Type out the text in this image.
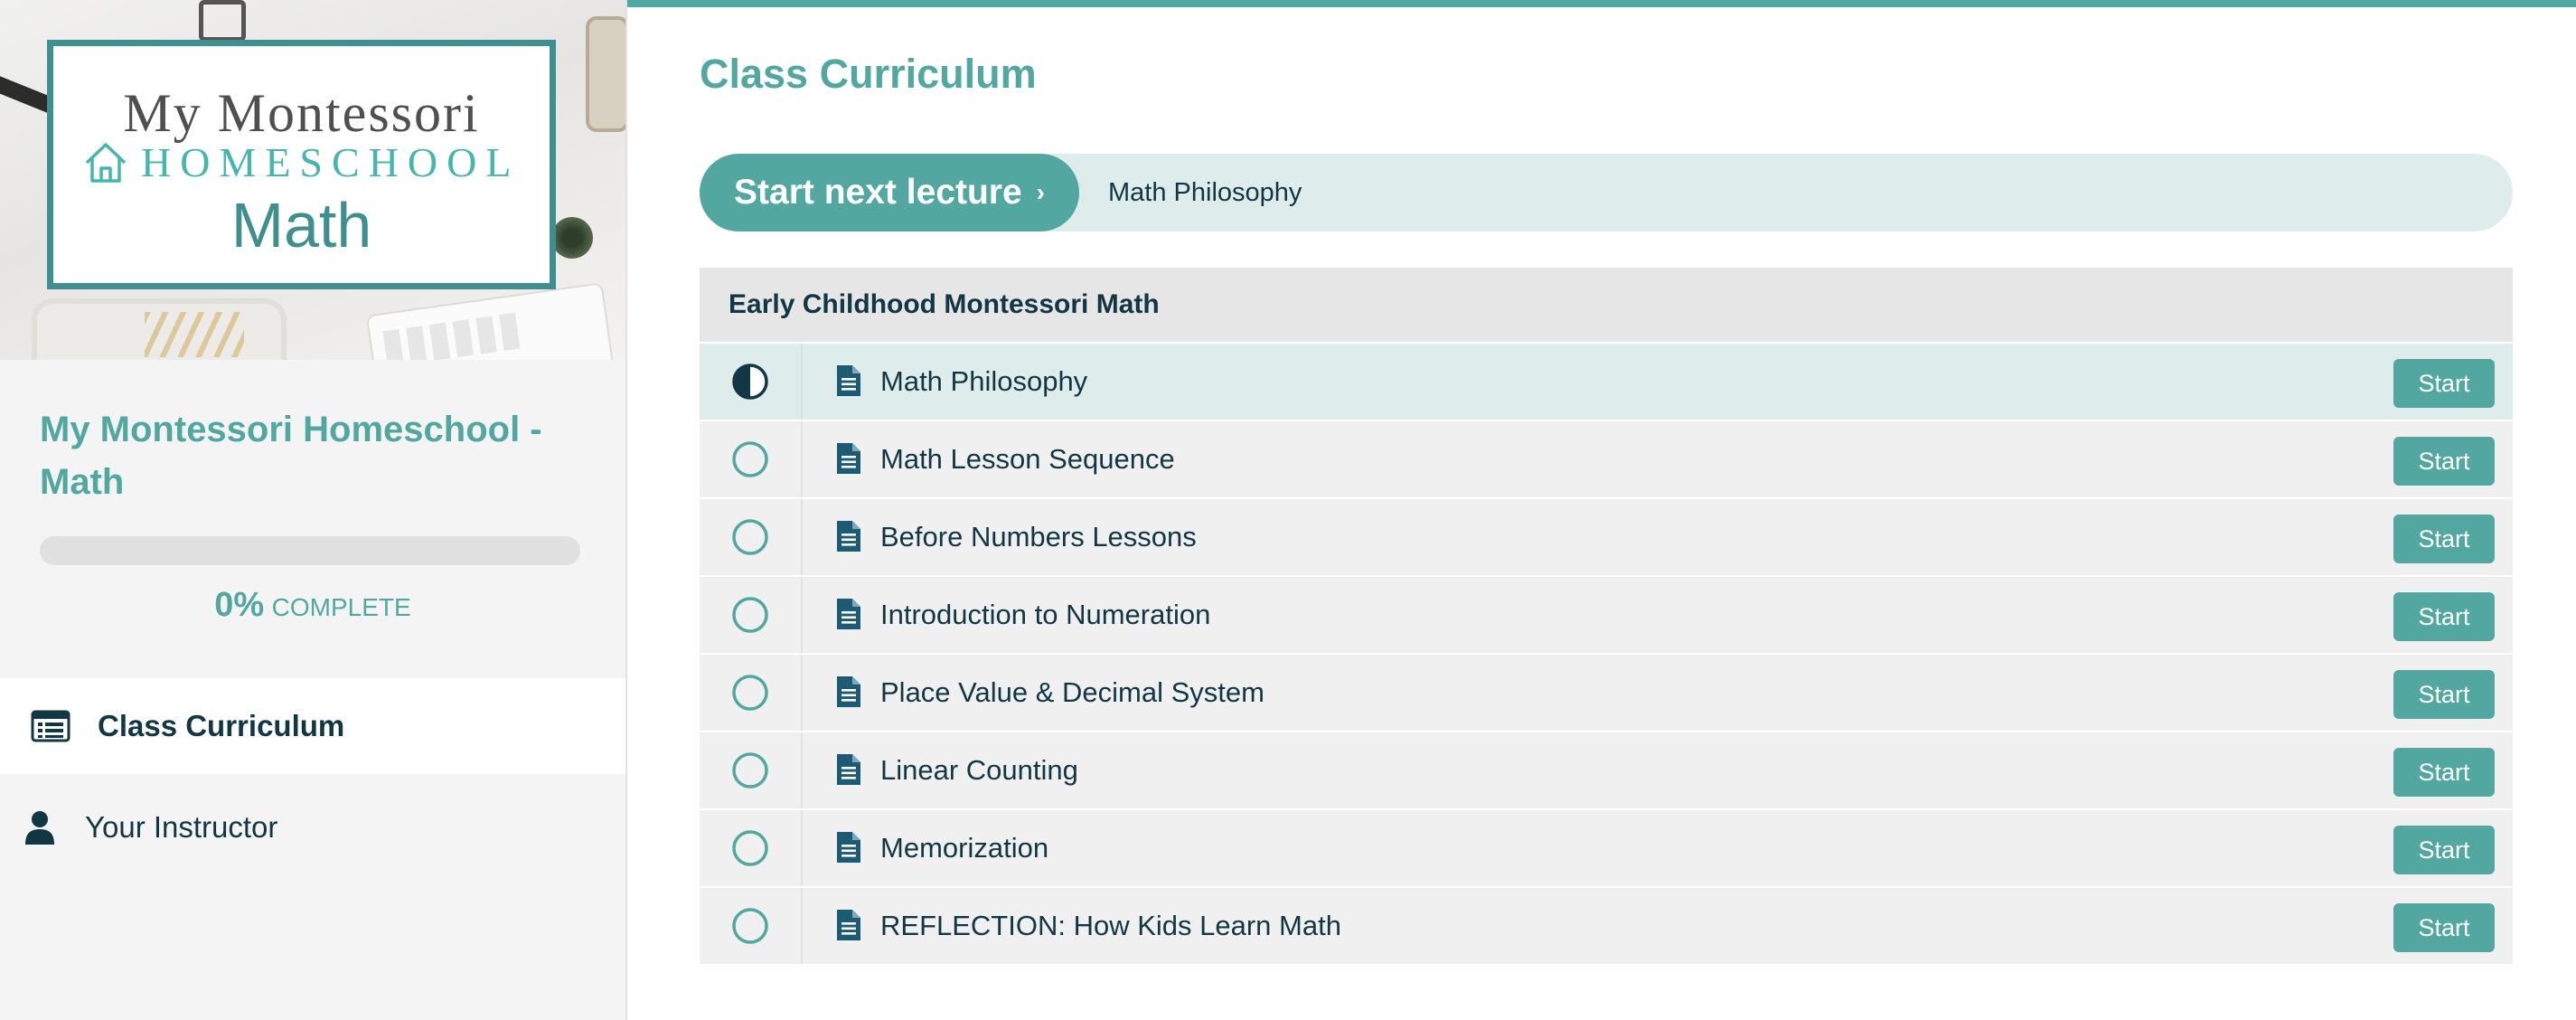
My Montessori
HOMESCHOOL
Math
My Montessori Homeschool - Math
0% COMPLETE
Class Curriculum
Your Instructor
Class Curriculum
Start next lecture › Math Philosophy
Early Childhood Montessori Math
Math Philosophy	Start
Math Lesson Sequence	Start
Before Numbers Lessons	Start
Introduction to Numeration	Start
Place Value & Decimal System	Start
Linear Counting	Start
Memorization	Start
REFLECTION: How Kids Learn Math	Start
